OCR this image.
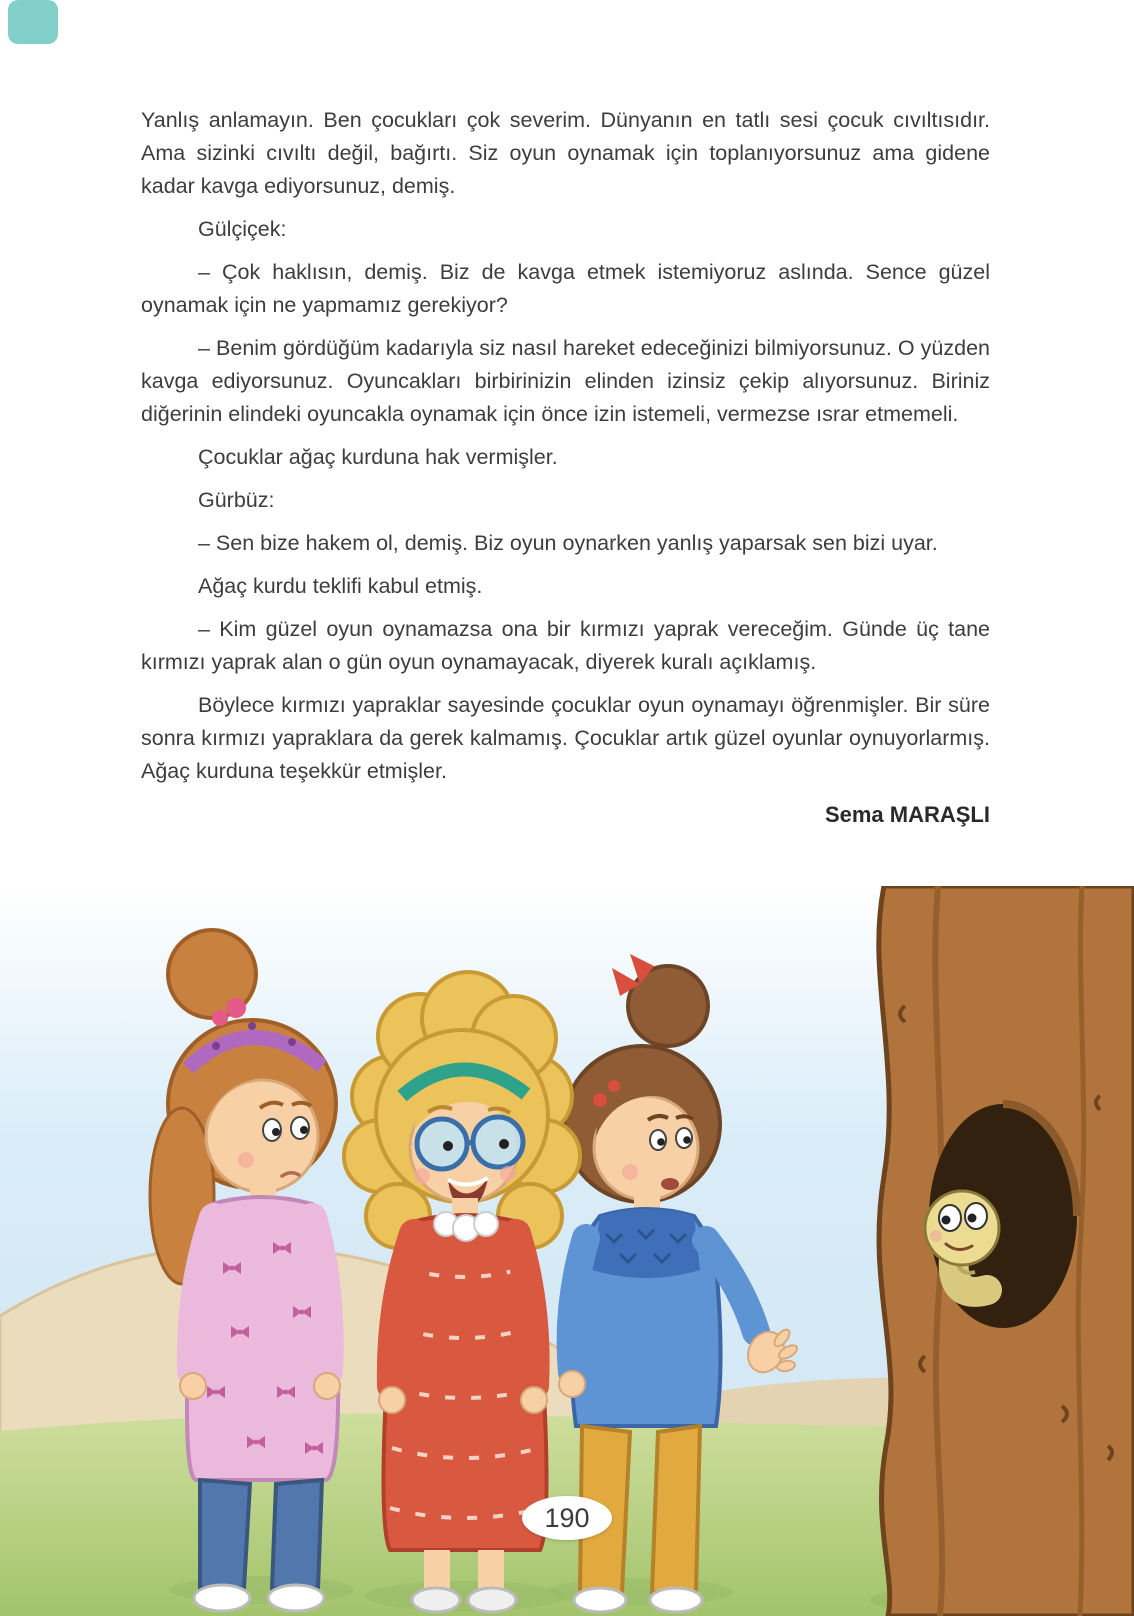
Yanlış anlamayın. Ben çocukları çok severim. Dünyanın en tatlı sesi çocuk cıvıltısıdır. Ama sizinki cıvıltı değil, bağırtı. Siz oyun oynamak için toplanıyorsunuz ama gidene kadar kavga ediyorsunuz, demiş.

Gülçiçek:

– Çok haklısın, demiş. Biz de kavga etmek istemiyoruz aslında. Sence güzel oynamak için ne yapmamız gerekiyor?

– Benim gördüğüm kadarıyla siz nasıl hareket edeceğinizi bilmiyorsunuz. O yüzden kavga ediyorsunuz. Oyuncakları birbirinizin elinden izinsiz çekip alıyorsunuz. Biriniz diğerinin elindeki oyuncakla oynamak için önce izin istemeli, vermezse ısrar etmemeli.

Çocuklar ağaç kurduna hak vermişler.

Gürbüz:

– Sen bize hakem ol, demiş. Biz oyun oynarken yanlış yaparsak sen bizi uyar.

Ağaç kurdu teklifi kabul etmiş.

– Kim güzel oyun oynamazsa ona bir kırmızı yaprak vereceğim. Günde üç tane kırmızı yaprak alan o gün oyun oynamayacak, diyerek kuralı açıklamış.

Böylece kırmızı yapraklar sayesinde çocuklar oyun oynamayı öğrenmişler. Bir süre sonra kırmızı yapraklara da gerek kalmamış. Çocuklar artık güzel oyunlar oynuyorlarmış. Ağaç kurduna teşekkür etmişler.

Sema MARAŞLI

190
